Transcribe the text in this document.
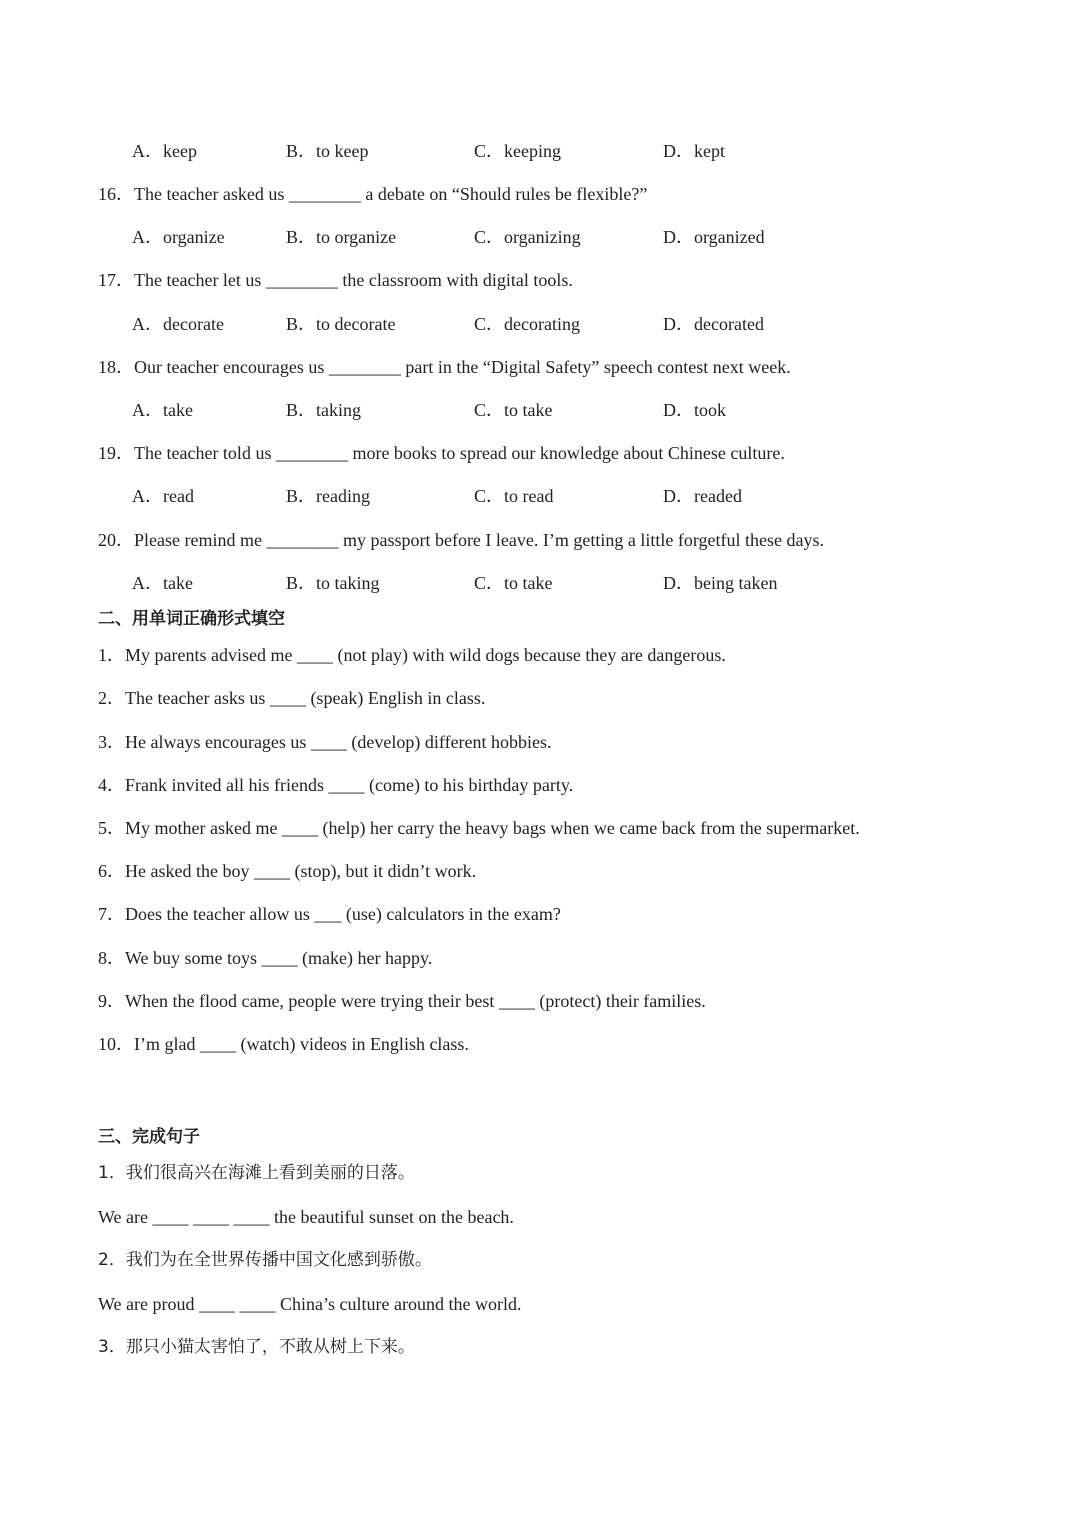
A．keep	B．to keep	C．keeping	D．kept
16．The teacher asked us ________ a debate on “Should rules be flexible?”
A．organize	B．to organize	C．organizing	D．organized
17．The teacher let us ________ the classroom with digital tools.
A．decorate	B．to decorate	C．decorating	D．decorated
18．Our teacher encourages us ________ part in the “Digital Safety” speech contest next week.
A．take	B．taking	C．to take	D．took
19．The teacher told us ________ more books to spread our knowledge about Chinese culture.
A．read	B．reading	C．to read	D．readed
20．Please remind me ________ my passport before I leave. I’m getting a little forgetful these days.
A．take	B．to taking	C．to take	D．being taken
二、用单词正确形式填空
1．My parents advised me ____ (not play) with wild dogs because they are dangerous.
2．The teacher asks us ____ (speak) English in class.
3．He always encourages us ____ (develop) different hobbies.
4．Frank invited all his friends ____ (come) to his birthday party.
5．My mother asked me ____ (help) her carry the heavy bags when we came back from the supermarket.
6．He asked the boy ____ (stop), but it didn’t work.
7．Does the teacher allow us ___ (use) calculators in the exam?
8．We buy some toys ____ (make) her happy.
9．When the flood came, people were trying their best ____ (protect) their families.
10．I’m glad ____ (watch) videos in English class.
三、完成句子
1．我们很高兴在海滩上看到美丽的日落。
We are ____ ____ ____ the beautiful sunset on the beach.
2．我们为在全世界传播中国文化感到骄傲。
We are proud ____ ____ China’s culture around the world.
3．那只小猫太害怕了，不敢从树上下来。
